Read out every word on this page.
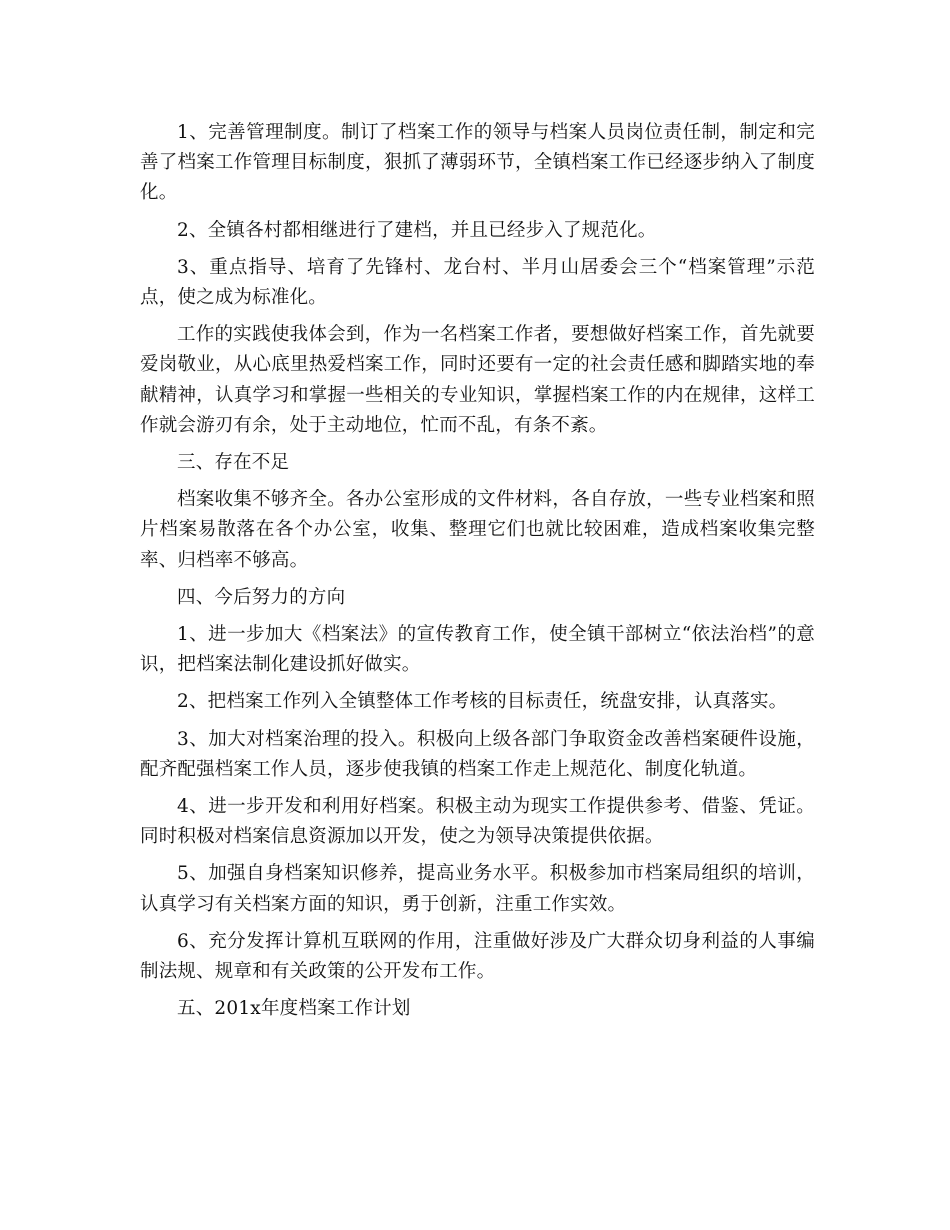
1、完善管理制度。制订了档案工作的领导与档案人员岗位责任制，制定和完善了档案工作管理目标制度，狠抓了薄弱环节，全镇档案工作已经逐步纳入了制度化。

2、全镇各村都相继进行了建档，并且已经步入了规范化。

3、重点指导、培育了先锋村、龙台村、半月山居委会三个“档案管理”示范点，使之成为标准化。

工作的实践使我体会到，作为一名档案工作者，要想做好档案工作，首先就要爱岗敬业，从心底里热爱档案工作，同时还要有一定的社会责任感和脚踏实地的奉献精神，认真学习和掌握一些相关的专业知识，掌握档案工作的内在规律，这样工作就会游刃有余，处于主动地位，忙而不乱，有条不紊。

三、存在不足

档案收集不够齐全。各办公室形成的文件材料，各自存放，一些专业档案和照片档案易散落在各个办公室，收集、整理它们也就比较困难，造成档案收集完整率、归档率不够高。

四、今后努力的方向

1、进一步加大《档案法》的宣传教育工作，使全镇干部树立“依法治档”的意识，把档案法制化建设抓好做实。

2、把档案工作列入全镇整体工作考核的目标责任，统盘安排，认真落实。

3、加大对档案治理的投入。积极向上级各部门争取资金改善档案硬件设施，配齐配强档案工作人员，逐步使我镇的档案工作走上规范化、制度化轨道。

4、进一步开发和利用好档案。积极主动为现实工作提供参考、借鉴、凭证。同时积极对档案信息资源加以开发，使之为领导决策提供依据。

5、加强自身档案知识修养，提高业务水平。积极参加市档案局组织的培训，认真学习有关档案方面的知识，勇于创新，注重工作实效。

6、充分发挥计算机互联网的作用，注重做好涉及广大群众切身利益的人事编制法规、规章和有关政策的公开发布工作。

五、201x年度档案工作计划
